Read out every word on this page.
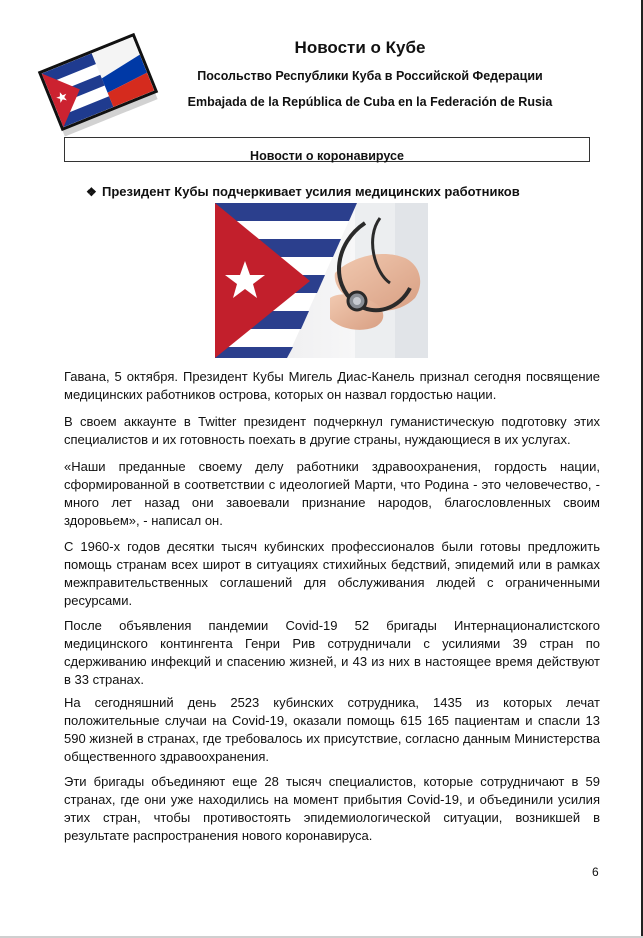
Новости о Кубе
Посольство Республики Куба в Российской Федерации
Embajada de la República de Cuba en la Federación de Rusia
Новости о коронавирусе
❖ Президент Кубы подчеркивает усилия медицинских работников

Гавана, 5 октября. Президент Кубы Мигель Диас-Канель признал сегодня посвящение медицинских работников острова, которых он назвал гордостью нации.

В своем аккаунте в Twitter президент подчеркнул гуманистическую подготовку этих специалистов и их готовность поехать в другие страны, нуждающиеся в их услугах.

«Наши преданные своему делу работники здравоохранения, гордость нации, сформированной в соответствии с идеологией Марти, что Родина - это человечество, - много лет назад они завоевали признание народов, благословленных своим здоровьем», - написал он.

С 1960-х годов десятки тысяч кубинских профессионалов были готовы предложить помощь странам всех широт в ситуациях стихийных бедствий, эпидемий или в рамках межправительственных соглашений для обслуживания людей с ограниченными ресурсами.

После объявления пандемии Covid-19 52 бригады Интернационалистского медицинского контингента Генри Рив сотрудничали с усилиями 39 стран по сдерживанию инфекций и спасению жизней, и 43 из них в настоящее время действуют в 33 странах.

На сегодняшний день 2523 кубинских сотрудника, 1435 из которых лечат положительные случаи на Covid-19, оказали помощь 615 165 пациентам и спасли 13 590 жизней в странах, где требовалось их присутствие, согласно данным Министерства общественного здравоохранения.

Эти бригады объединяют еще 28 тысяч специалистов, которые сотрудничают в 59 странах, где они уже находились на момент прибытия Covid-19, и объединили усилия этих стран, чтобы противостоять эпидемиологической ситуации, возникшей в результате распространения нового коронавируса.

6
